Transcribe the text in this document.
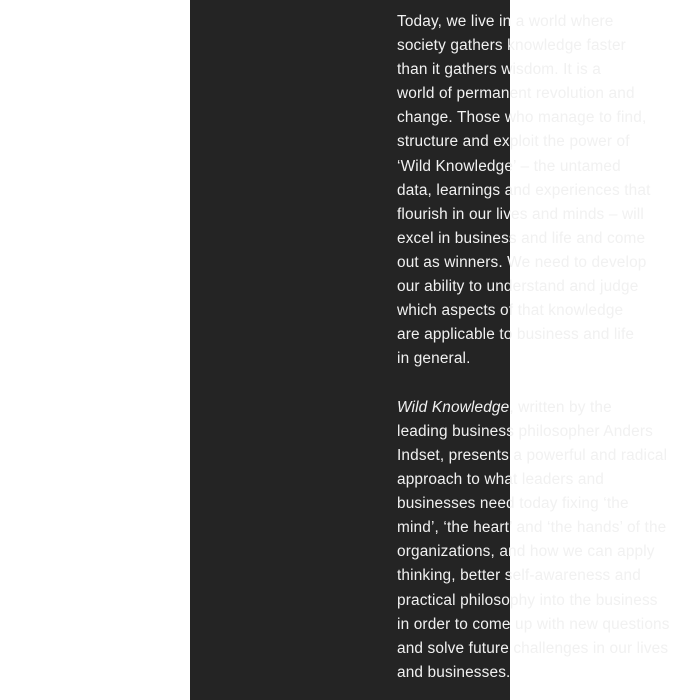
Today, we live in a world where
society gathers knowledge faster
than it gathers wisdom. It is a
world of permanent revolution and
change. Those who manage to find,
structure and exploit the power of
‘Wild Knowledge’ – the untamed
data, learnings and experiences that
flourish in our lives and minds – will
excel in business and life and come
out as winners. We need to develop
our ability to understand and judge
which aspects of that knowledge
are applicable to business and life
in general.
Wild Knowledge, written by the
leading business philosopher Anders
Indset, presents a powerful and radical
approach to what leaders and
businesses need today fixing ‘the
mind’, ‘the heart’ and ‘the hands’ of the
organizations, and how we can apply
thinking, better self-awareness and
practical philosophy into the business
in order to come up with new questions
and solve future challenges in our lives
and businesses.
